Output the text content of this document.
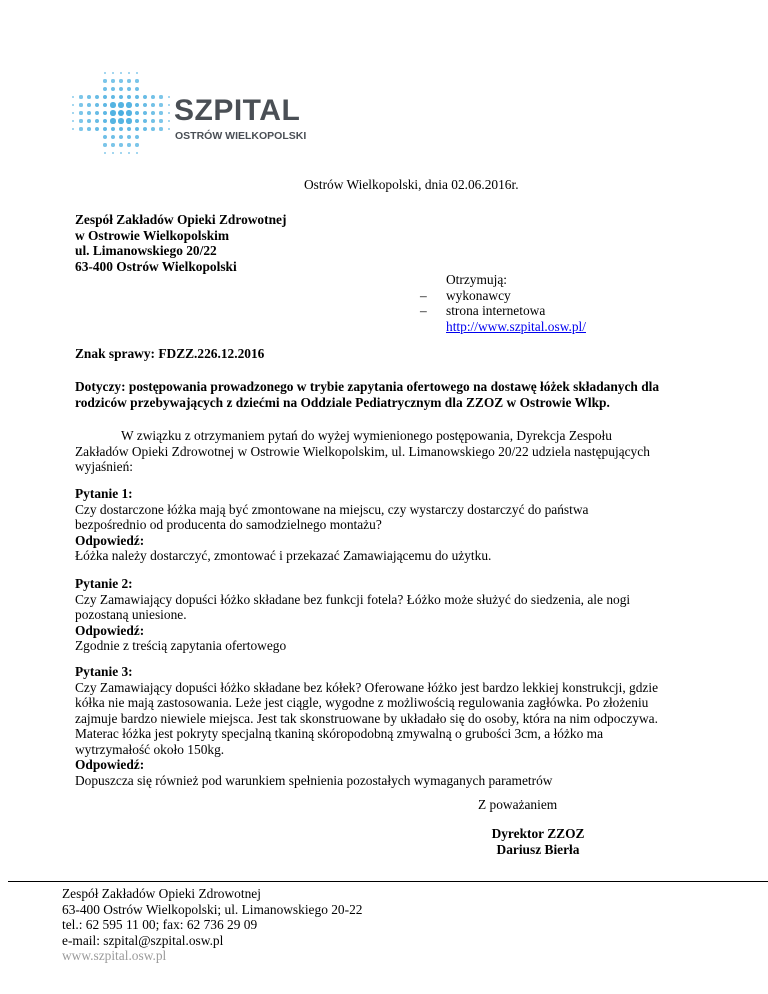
SZPITAL
OSTRÓW WIELKOPOLSKI
Ostrów Wielkopolski, dnia 02.06.2016r.
Zespół Zakładów Opieki Zdrowotnej
w Ostrowie Wielkopolskim
ul. Limanowskiego 20/22
63-400 Ostrów Wielkopolski
Otrzymują:
– wykonawcy
– strona internetowa
http://www.szpital.osw.pl/
Znak sprawy: FDZZ.226.12.2016
Dotyczy: postępowania prowadzonego w trybie zapytania ofertowego na dostawę łóżek składanych dla
rodziców przebywających z dziećmi na Oddziale Pediatrycznym dla ZZOZ w Ostrowie Wlkp.
W związku z otrzymaniem pytań do wyżej wymienionego postępowania, Dyrekcja Zespołu
Zakładów Opieki Zdrowotnej w Ostrowie Wielkopolskim, ul. Limanowskiego 20/22 udziela następujących
wyjaśnień:
Pytanie 1:
Czy dostarczone łóżka mają być zmontowane na miejscu, czy wystarczy dostarczyć do państwa
bezpośrednio od producenta do samodzielnego montażu?
Odpowiedź:
Łóżka należy dostarczyć, zmontować i przekazać Zamawiającemu do użytku.
Pytanie 2:
Czy Zamawiający dopuści łóżko składane bez funkcji fotela? Łóżko może służyć do siedzenia, ale nogi
pozostaną uniesione.
Odpowiedź:
Zgodnie z treścią zapytania ofertowego
Pytanie 3:
Czy Zamawiający dopuści łóżko składane bez kółek? Oferowane łóżko jest bardzo lekkiej konstrukcji, gdzie
kółka nie mają zastosowania. Leże jest ciągle, wygodne z możliwością regulowania zagłówka. Po złożeniu
zajmuje bardzo niewiele miejsca. Jest tak skonstruowane by układało się do osoby, która na nim odpoczywa.
Materac łóżka jest pokryty specjalną tkaniną skóropodobną zmywalną o grubości 3cm, a łóżko ma
wytrzymałość około 150kg.
Odpowiedź:
Dopuszcza się również pod warunkiem spełnienia pozostałych wymaganych parametrów
Z poważaniem
Dyrektor ZZOZ
Dariusz Bierła
Zespół Zakładów Opieki Zdrowotnej
63-400 Ostrów Wielkopolski; ul. Limanowskiego 20-22
tel.: 62 595 11 00; fax: 62 736 29 09
e-mail: szpital@szpital.osw.pl
www.szpital.osw.pl
